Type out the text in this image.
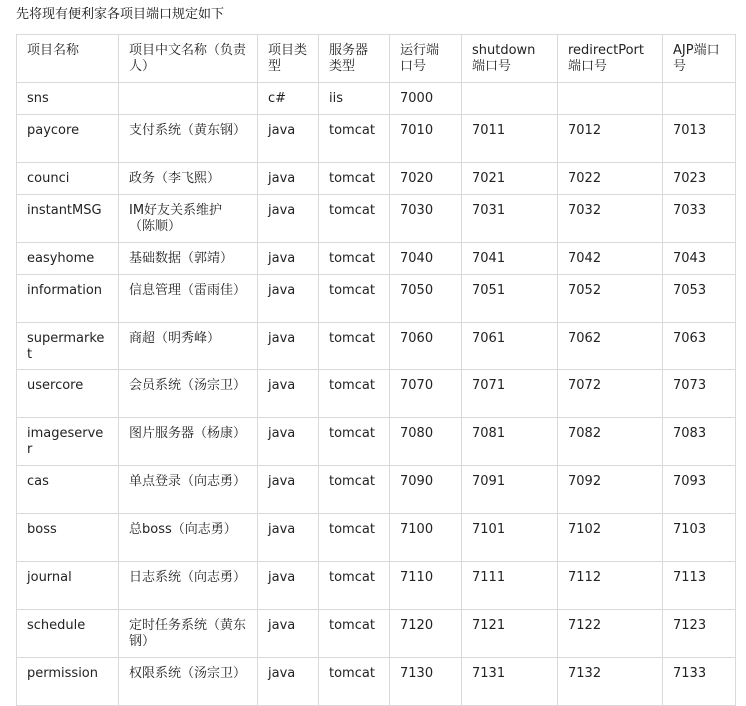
先将现有便利家各项目端口规定如下
项目名称	项目中文名称（负责人）	项目类型	服务器类型	运行端口号	shutdown端口号	redirectPort端口号	AJP端口号
sns		c#	iis	7000			
paycore	支付系统（黄东钢）	java	tomcat	7010	7011	7012	7013
counci	政务（李飞熙）	java	tomcat	7020	7021	7022	7023
instantMSG	IM好友关系维护（陈顺）	java	tomcat	7030	7031	7032	7033
easyhome	基础数据（郭靖）	java	tomcat	7040	7041	7042	7043
information	信息管理（雷雨佳）	java	tomcat	7050	7051	7052	7053
supermarket	商超（明秀峰）	java	tomcat	7060	7061	7062	7063
usercore	会员系统（汤宗卫）	java	tomcat	7070	7071	7072	7073
imageserver	图片服务器（杨康）	java	tomcat	7080	7081	7082	7083
cas	单点登录（向志勇）	java	tomcat	7090	7091	7092	7093
boss	总boss（向志勇）	java	tomcat	7100	7101	7102	7103
journal	日志系统（向志勇）	java	tomcat	7110	7111	7112	7113
schedule	定时任务系统（黄东钢）	java	tomcat	7120	7121	7122	7123
permission	权限系统（汤宗卫）	java	tomcat	7130	7131	7132	7133
